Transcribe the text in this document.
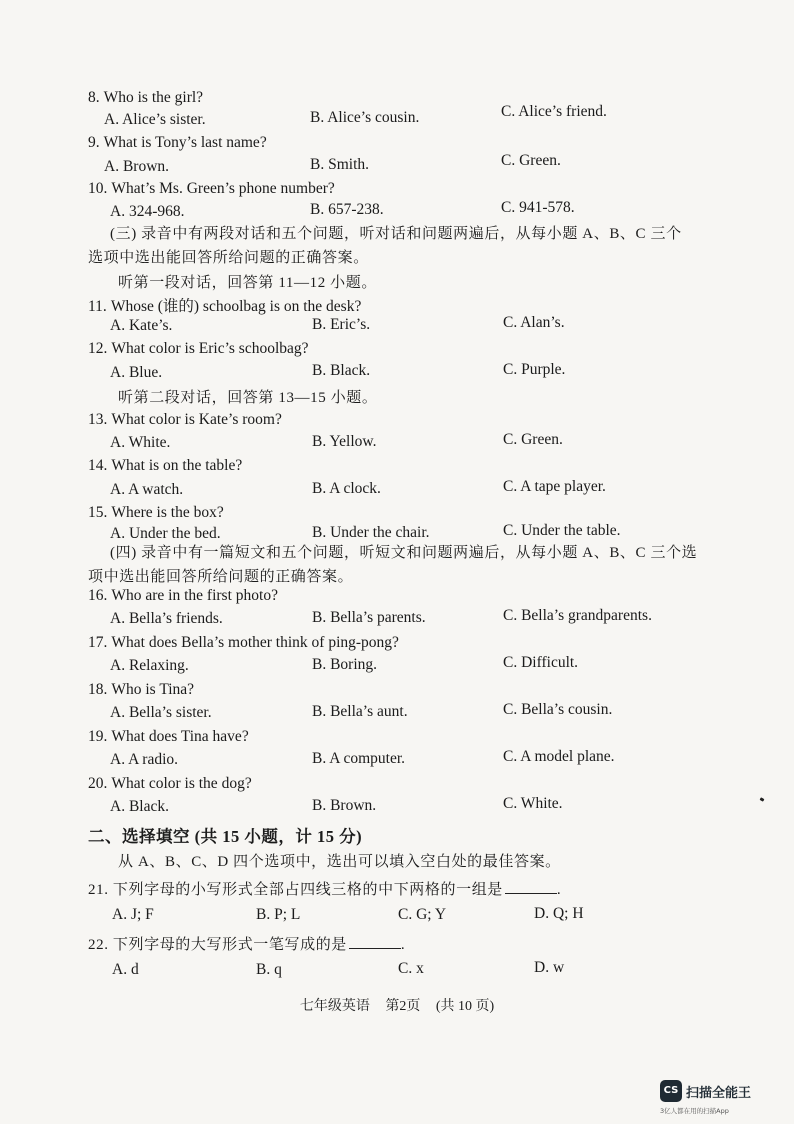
8. Who is the girl?
A. Alice’s sister.	B. Alice’s cousin.	C. Alice’s friend.
9. What is Tony’s last name?
A. Brown.	B. Smith.	C. Green.
10. What’s Ms. Green’s phone number?
A. 324-968.	B. 657-238.	C. 941-578.
(三) 录音中有两段对话和五个问题，听对话和问题两遍后，从每小题 A、B、C 三个
选项中选出能回答所给问题的正确答案。
听第一段对话，回答第 11—12 小题。
11. Whose (谁的) schoolbag is on the desk?
A. Kate’s.	B. Eric’s.	C. Alan’s.
12. What color is Eric’s schoolbag?
A. Blue.	B. Black.	C. Purple.
听第二段对话，回答第 13—15 小题。
13. What color is Kate’s room?
A. White.	B. Yellow.	C. Green.
14. What is on the table?
A. A watch.	B. A clock.	C. A tape player.
15. Where is the box?
A. Under the bed.	B. Under the chair.	C. Under the table.
(四) 录音中有一篇短文和五个问题，听短文和问题两遍后，从每小题 A、B、C 三个选
项中选出能回答所给问题的正确答案。
16. Who are in the first photo?
A. Bella’s friends.	B. Bella’s parents.	C. Bella’s grandparents.
17. What does Bella’s mother think of ping-pong?
A. Relaxing.	B. Boring.	C. Difficult.
18. Who is Tina?
A. Bella’s sister.	B. Bella’s aunt.	C. Bella’s cousin.
19. What does Tina have?
A. A radio.	B. A computer.	C. A model plane.
20. What color is the dog?
A. Black.	B. Brown.	C. White.
二、选择填空 (共 15 小题，计 15 分)
从 A、B、C、D 四个选项中，选出可以填入空白处的最佳答案。
21. 下列字母的小写形式全部占四线三格的中下两格的一组是	.
A. J; F	B. P; L	C. G; Y	D. Q; H
22. 下列字母的大写形式一笔写成的是	.
A. d	B. q	C. x	D. w
七年级英语 第2页 (共 10 页)
CS 扫描全能王
3亿人都在用的扫描App
